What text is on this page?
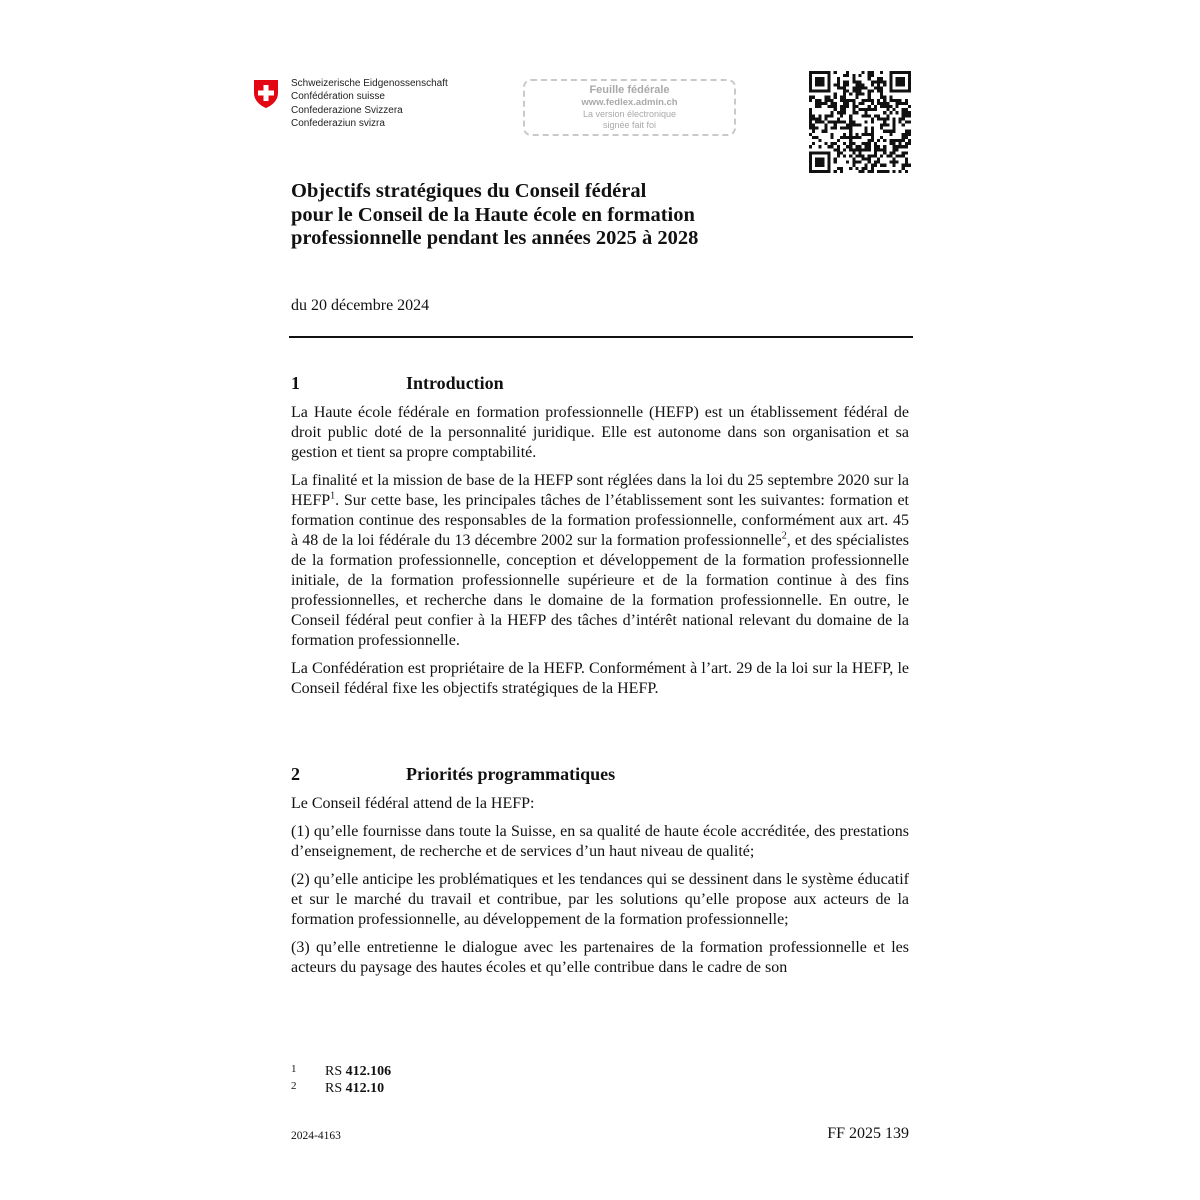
Schweizerische Eidgenossenschaft
Confédération suisse
Confederazione Svizzera
Confederaziun svizra
Feuille fédérale
www.fedlex.admin.ch
La version électronique
signée fait foi
Objectifs stratégiques du Conseil fédéral
pour le Conseil de la Haute école en formation
professionnelle pendant les années 2025 à 2028
du 20 décembre 2024
1	Introduction

La Haute école fédérale en formation professionnelle (HEFP) est un établissement fédéral de droit public doté de la personnalité juridique. Elle est autonome dans son organisation et sa gestion et tient sa propre comptabilité.

La finalité et la mission de base de la HEFP sont réglées dans la loi du 25 septembre 2020 sur la HEFP$^1$. Sur cette base, les principales tâches de l’établissement sont les suivantes: formation et formation continue des responsables de la formation professionnelle, conformément aux art. 45 à 48 de la loi fédérale du 13 décembre 2002 sur la formation professionnelle$^2$, et des spécialistes de la formation professionnelle, conception et développement de la formation professionnelle initiale, de la formation professionnelle supérieure et de la formation continue à des fins professionnelles, et recherche dans le domaine de la formation professionnelle. En outre, le Conseil fédéral peut confier à la HEFP des tâches d’intérêt national relevant du domaine de la formation professionnelle.

La Confédération est propriétaire de la HEFP. Conformément à l’art. 29 de la loi sur la HEFP, le Conseil fédéral fixe les objectifs stratégiques de la HEFP.

2	Priorités programmatiques

Le Conseil fédéral attend de la HEFP:

(1) qu’elle fournisse dans toute la Suisse, en sa qualité de haute école accréditée, des prestations d’enseignement, de recherche et de services d’un haut niveau de qualité;

(2) qu’elle anticipe les problématiques et les tendances qui se dessinent dans le système éducatif et sur le marché du travail et contribue, par les solutions qu’elle propose aux acteurs de la formation professionnelle, au développement de la formation professionnelle;

(3) qu’elle entretienne le dialogue avec les partenaires de la formation professionnelle et les acteurs du paysage des hautes écoles et qu’elle contribue dans le cadre de son

1 RS 412.106
2 RS 412.10
2024-4163	FF 2025 139
